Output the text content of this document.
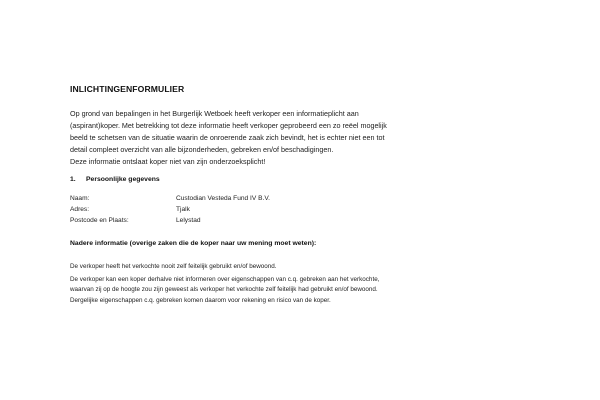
INLICHTINGENFORMULIER
Op grond van bepalingen in het Burgerlijk Wetboek heeft verkoper een informatieplicht aan
(aspirant)koper. Met betrekking tot deze informatie heeft verkoper geprobeerd een zo reëel mogelijk
beeld te schetsen van de situatie waarin de onroerende zaak zich bevindt, het is echter niet een tot
detail compleet overzicht van alle bijzonderheden, gebreken en/of beschadigingen.
Deze informatie ontslaat koper niet van zijn onderzoeksplicht!
1. Persoonlijke gegevens
Naam:	Custodian Vesteda Fund IV B.V.
Adres:	Tjalk
Postcode en Plaats:	Lelystad
Nadere informatie (overige zaken die de koper naar uw mening moet weten):
De verkoper heeft het verkochte nooit zelf feitelijk gebruikt en/of bewoond.
De verkoper kan een koper derhalve niet informeren over eigenschappen van c.q. gebreken aan het verkochte,
waarvan zij op de hoogte zou zijn geweest als verkoper het verkochte zelf feitelijk had gebruikt en/of bewoond.
Dergelijke eigenschappen c.q. gebreken komen daarom voor rekening en risico van de koper.
